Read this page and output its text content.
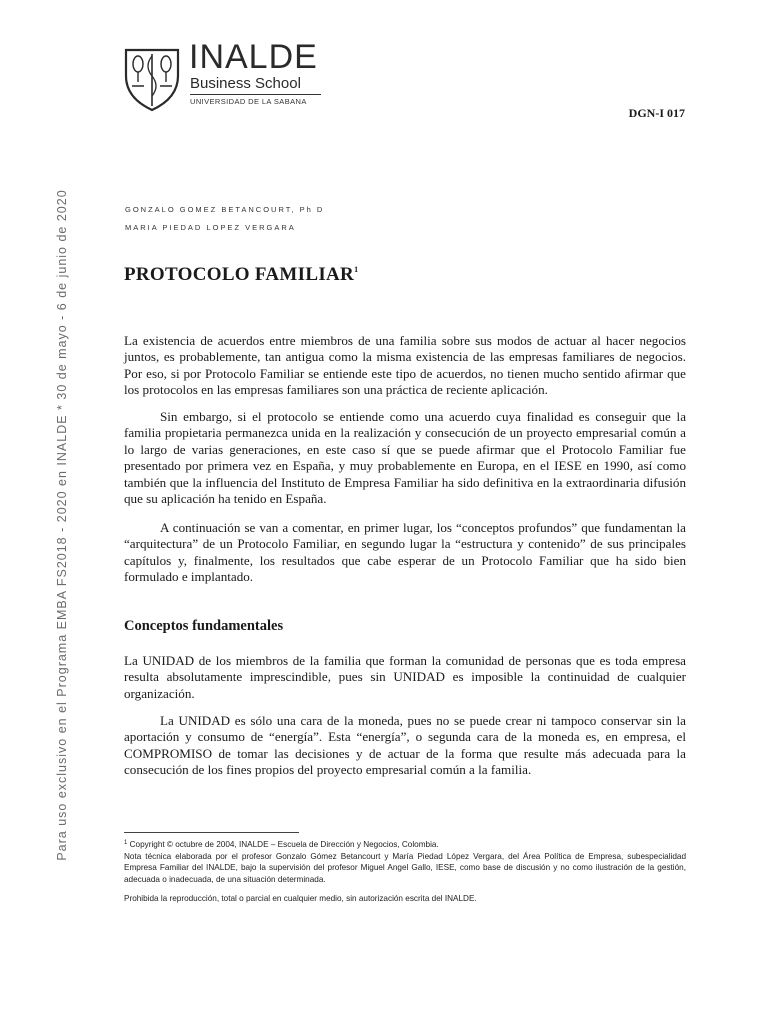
Para uso exclusivo en el Programa EMBA FS2018 - 2020 en INALDE * 30 de mayo - 6 de junio de 2020
INALDE
Business School
UNIVERSIDAD DE LA SABANA
DGN-I 017
GONZALO GOMEZ BETANCOURT, Ph D
MARIA PIEDAD LOPEZ VERGARA
PROTOCOLO FAMILIAR$^1$

La existencia de acuerdos entre miembros de una familia sobre sus modos de actuar al hacer negocios juntos, es probablemente, tan antigua como la misma existencia de las empresas familiares de negocios. Por eso, si por Protocolo Familiar se entiende este tipo de acuerdos, no tienen mucho sentido afirmar que los protocolos en las empresas familiares son una práctica de reciente aplicación.

Sin embargo, si el protocolo se entiende como una acuerdo cuya finalidad es conseguir que la familia propietaria permanezca unida en la realización y consecución de un proyecto empresarial común a lo largo de varias generaciones, en este caso sí que se puede afirmar que el Protocolo Familiar fue presentado por primera vez en España, y muy probablemente en Europa, en el IESE en 1990, así como también que la influencia del Instituto de Empresa Familiar ha sido definitiva en la extraordinaria difusión que su aplicación ha tenido en España.

A continuación se van a comentar, en primer lugar, los “conceptos profundos” que fundamentan la “arquitectura” de un Protocolo Familiar, en segundo lugar la “estructura y contenido” de sus principales capítulos y, finalmente, los resultados que cabe esperar de un Protocolo Familiar que ha sido bien formulado e implantado.

Conceptos fundamentales

La UNIDAD de los miembros de la familia que forman la comunidad de personas que es toda empresa resulta absolutamente imprescindible, pues sin UNIDAD es imposible la continuidad de cualquier organización.

La UNIDAD es sólo una cara de la moneda, pues no se puede crear ni tampoco conservar sin la aportación y consumo de “energía”. Esta “energía”, o segunda cara de la moneda es, en empresa, el COMPROMISO de tomar las decisiones y de actuar de la forma que resulte más adecuada para la consecución de los fines propios del proyecto empresarial común a la familia.

$^1$ Copyright © octubre de 2004, INALDE – Escuela de Dirección y Negocios, Colombia.
Nota técnica elaborada por el profesor Gonzalo Gómez Betancourt y María Piedad López Vergara, del Área Política de Empresa, subespecialidad Empresa Familiar del INALDE, bajo la supervisión del profesor Miguel Angel Gallo, IESE, como base de discusión y no como ilustración de la gestión, adecuada o inadecuada, de una situación determinada.
Prohibida la reproducción, total o parcial en cualquier medio, sin autorización escrita del INALDE.
